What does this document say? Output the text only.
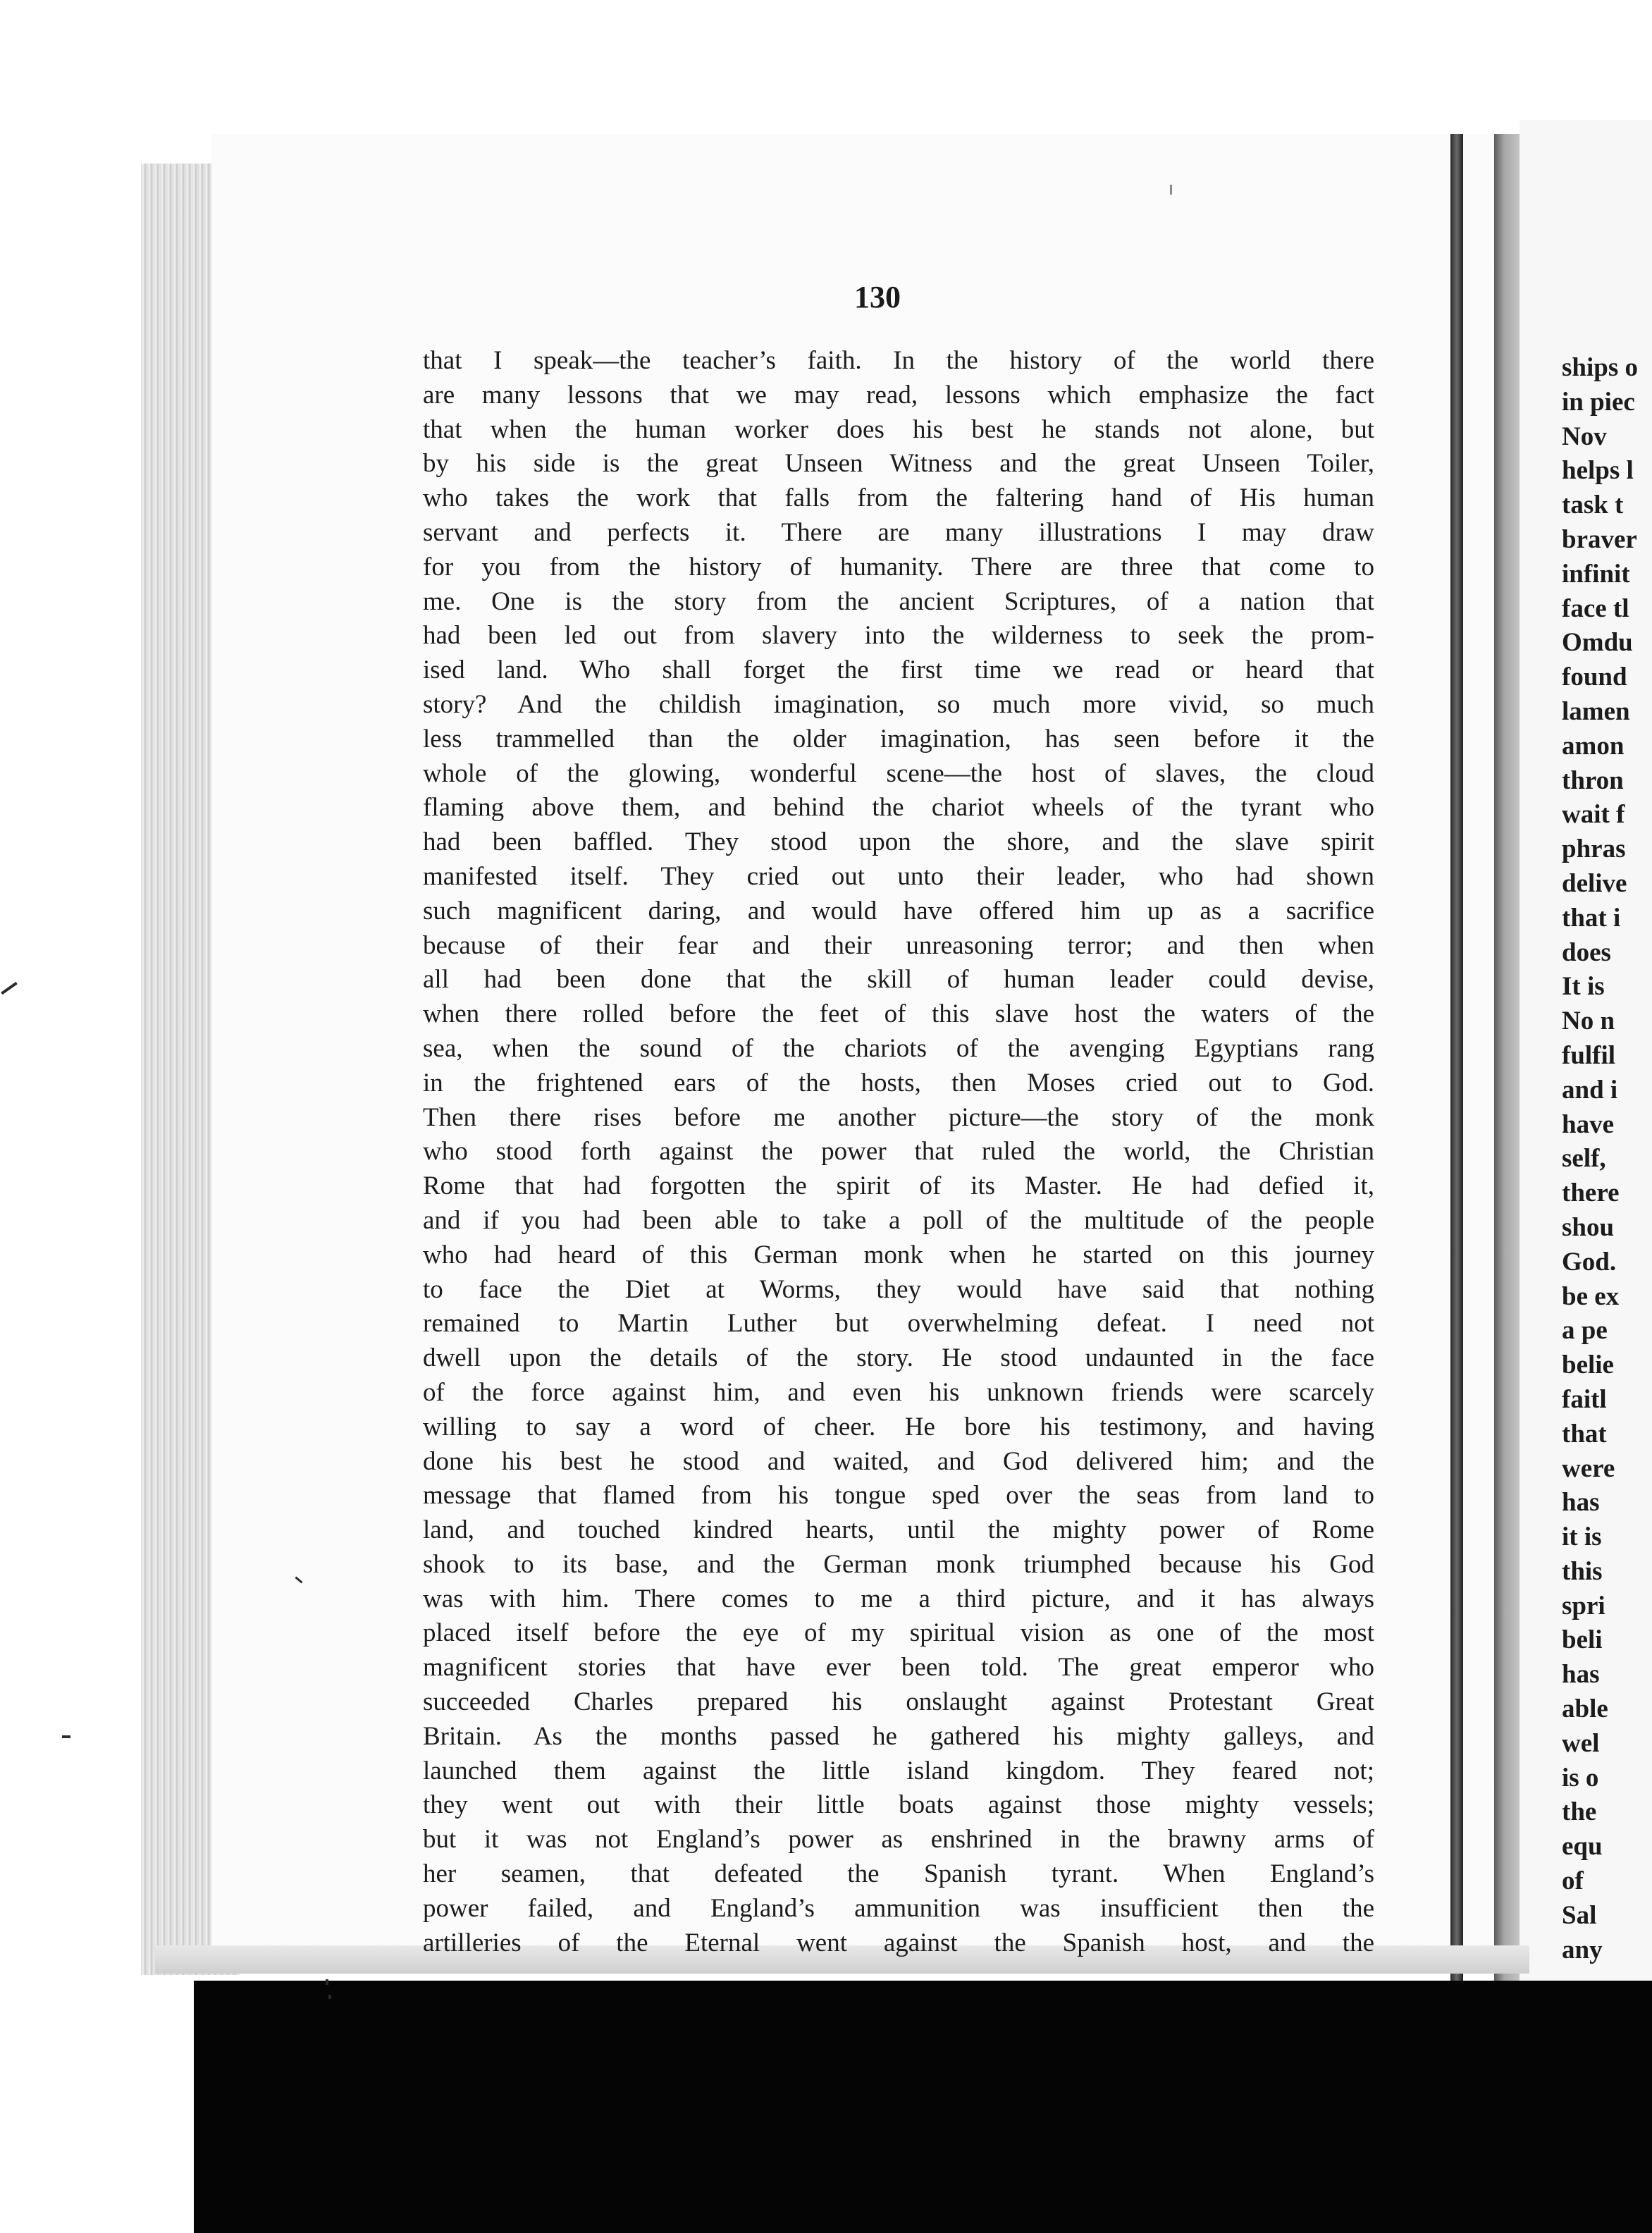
130
that I speak—the teacher’s faith. In the history of the world there
are many lessons that we may read, lessons which emphasize the fact
that when the human worker does his best he stands not alone, but
by his side is the great Unseen Witness and the great Unseen Toiler,
who takes the work that falls from the faltering hand of His human
servant and perfects it. There are many illustrations I may draw
for you from the history of humanity. There are three that come to
me. One is the story from the ancient Scriptures, of a nation that
had been led out from slavery into the wilderness to seek the prom-
ised land. Who shall forget the first time we read or heard that
story? And the childish imagination, so much more vivid, so much
less trammelled than the older imagination, has seen before it the
whole of the glowing, wonderful scene—the host of slaves, the cloud
flaming above them, and behind the chariot wheels of the tyrant who
had been baffled. They stood upon the shore, and the slave spirit
manifested itself. They cried out unto their leader, who had shown
such magnificent daring, and would have offered him up as a sacrifice
because of their fear and their unreasoning terror; and then when
all had been done that the skill of human leader could devise,
when there rolled before the feet of this slave host the waters of the
sea, when the sound of the chariots of the avenging Egyptians rang
in the frightened ears of the hosts, then Moses cried out to God.
Then there rises before me another picture—the story of the monk
who stood forth against the power that ruled the world, the Christian
Rome that had forgotten the spirit of its Master. He had defied it,
and if you had been able to take a poll of the multitude of the people
who had heard of this German monk when he started on this journey
to face the Diet at Worms, they would have said that nothing
remained to Martin Luther but overwhelming defeat. I need not
dwell upon the details of the story. He stood undaunted in the face
of the force against him, and even his unknown friends were scarcely
willing to say a word of cheer. He bore his testimony, and having
done his best he stood and waited, and God delivered him; and the
message that flamed from his tongue sped over the seas from land to
land, and touched kindred hearts, until the mighty power of Rome
shook to its base, and the German monk triumphed because his God
was with him. There comes to me a third picture, and it has always
placed itself before the eye of my spiritual vision as one of the most
magnificent stories that have ever been told. The great emperor who
succeeded Charles prepared his onslaught against Protestant Great
Britain. As the months passed he gathered his mighty galleys, and
launched them against the little island kingdom. They feared not;
they went out with their little boats against those mighty vessels;
but it was not England’s power as enshrined in the brawny arms of
her seamen, that defeated the Spanish tyrant. When England’s
power failed, and England’s ammunition was insufficient then the
artilleries of the Eternal went against the Spanish host, and the
ships o
in piec
Nov
helps l
task t
braver
infinit
face tl
Omdu
found
lamen
amon
thron
wait f
phras
delive
that i
does
It is
No n
fulfil
and i
have
self,
there
shou
God.
be ex
a pe
belie
faitl
that
were
has
it is
this
spri
beli
has
able
wel
is o
the
equ
of
Sal
any
